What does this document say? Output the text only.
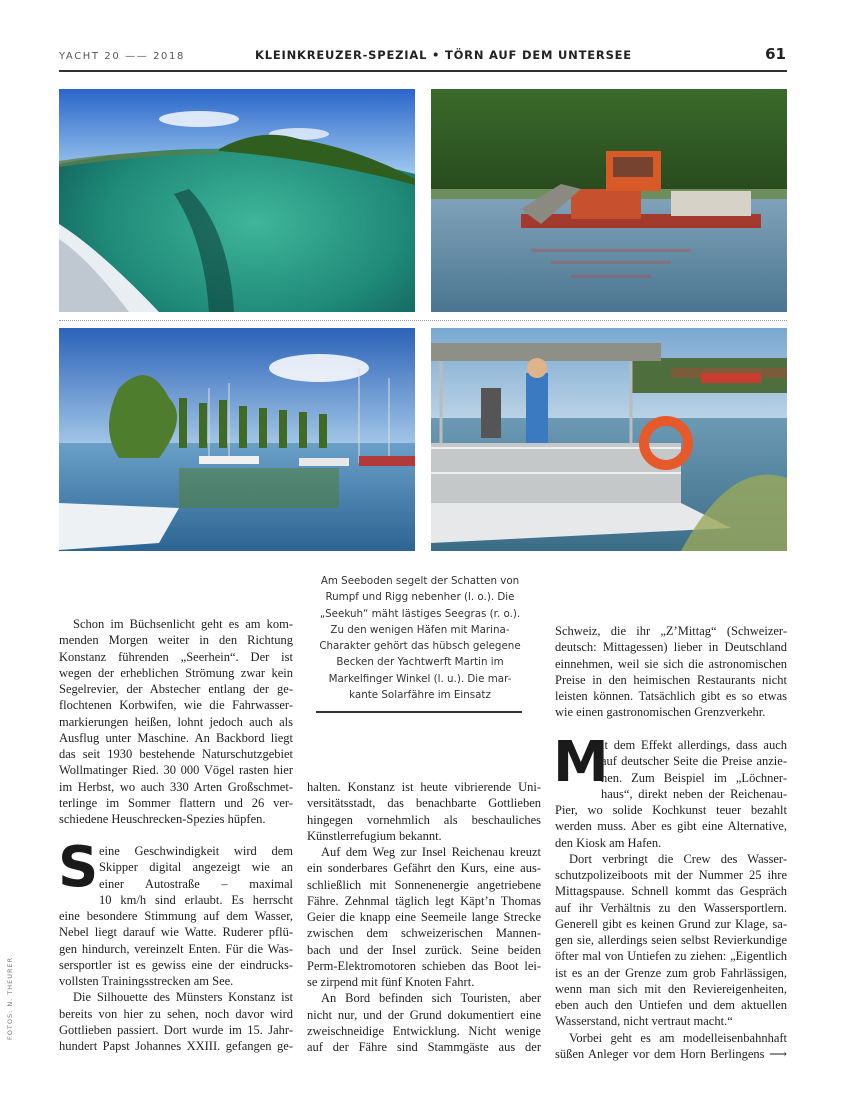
YACHT 20 —— 2018	KLEINKREUZER-SPEZIAL • TÖRN AUF DEM UNTERSEE	61
Am Seeboden segelt der Schatten von
Rumpf und Rigg nebenher (l. o.). Die
„Seekuh“ mäht lästiges Seegras (r. o.).
Zu den wenigen Häfen mit Marina-
Charakter gehört das hübsch gelegene
Becken der Yachtwerft Martin im
Markelfinger Winkel (l. u.). Die mar-
kante Solarfähre im Einsatz
Schon im Büchsenlicht geht es am kom-
menden Morgen weiter in den Richtung
Konstanz führenden „Seerhein“. Der ist
wegen der erheblichen Strömung zwar kein
Segelrevier, der Abstecher entlang der ge-
flochtenen Korbwifen, wie die Fahrwasser-
markierungen heißen, lohnt jedoch auch als
Ausflug unter Maschine. An Backbord liegt
das seit 1930 bestehende Naturschutzgebiet
Wollmatinger Ried. 30 000 Vögel rasten hier
im Herbst, wo auch 330 Arten Großschmet-
terlinge im Sommer flattern und 26 ver-
schiedene Heuschrecken-Spezies hüpfen.
S eine Geschwindigkeit wird dem
Skipper digital angezeigt wie an
einer Autostraße – maximal
10 km/h sind erlaubt. Es herrscht
eine besondere Stimmung auf dem Wasser,
Nebel liegt darauf wie Watte. Ruderer pflü-
gen hindurch, vereinzelt Enten. Für die Was-
sersportler ist es gewiss eine der eindrucks-
vollsten Trainingsstrecken am See.
Die Silhouette des Münsters Konstanz ist
bereits von hier zu sehen, noch davor wird
Gottlieben passiert. Dort wurde im 15. Jahr-
hundert Papst Johannes XXIII. gefangen ge-
halten. Konstanz ist heute vibrierende Uni-
versitätsstadt, das benachbarte Gottlieben
hingegen vornehmlich als beschauliches
Künstlerrefugium bekannt.
Auf dem Weg zur Insel Reichenau kreuzt
ein sonderbares Gefährt den Kurs, eine aus-
schließlich mit Sonnenenergie angetriebene
Fähre. Zehnmal täglich legt Käpt’n Thomas
Geier die knapp eine Seemeile lange Strecke
zwischen dem schweizerischen Mannen-
bach und der Insel zurück. Seine beiden
Perm-Elektromotoren schieben das Boot lei-
se zirpend mit fünf Knoten Fahrt.
An Bord befinden sich Touristen, aber
nicht nur, und der Grund dokumentiert eine
zweischneidige Entwicklung. Nicht wenige
auf der Fähre sind Stammgäste aus der
Schweiz, die ihr „Z’Mittag“ (Schweizer-
deutsch: Mittagessen) lieber in Deutschland
einnehmen, weil sie sich die astronomischen
Preise in den heimischen Restaurants nicht
leisten können. Tatsächlich gibt es so etwas
wie einen gastronomischen Grenzverkehr.
M
it dem Effekt allerdings, dass auch
auf deutscher Seite die Preise anzie-
hen. Zum Beispiel im „Löchner-
haus“, direkt neben der Reichenau-
Pier, wo solide Kochkunst teuer bezahlt
werden muss. Aber es gibt eine Alternative,
den Kiosk am Hafen.
Dort verbringt die Crew des Wasser-
schutzpolizeiboots mit der Nummer 25 ihre
Mittagspause. Schnell kommt das Gespräch
auf ihr Verhältnis zu den Wassersportlern.
Generell gibt es keinen Grund zur Klage, sa-
gen sie, allerdings seien selbst Revierkundige
öfter mal von Untiefen zu ziehen: „Eigentlich
ist es an der Grenze zum grob Fahrlässigen,
wenn man sich mit den Reviereigenheiten,
eben auch den Untiefen und dem aktuellen
Wasserstand, nicht vertraut macht.“
Vorbei geht es am modelleisenbahnhaft
süßen Anleger vor dem Horn Berlingens ⟶
FOTOS: N. THEURER
